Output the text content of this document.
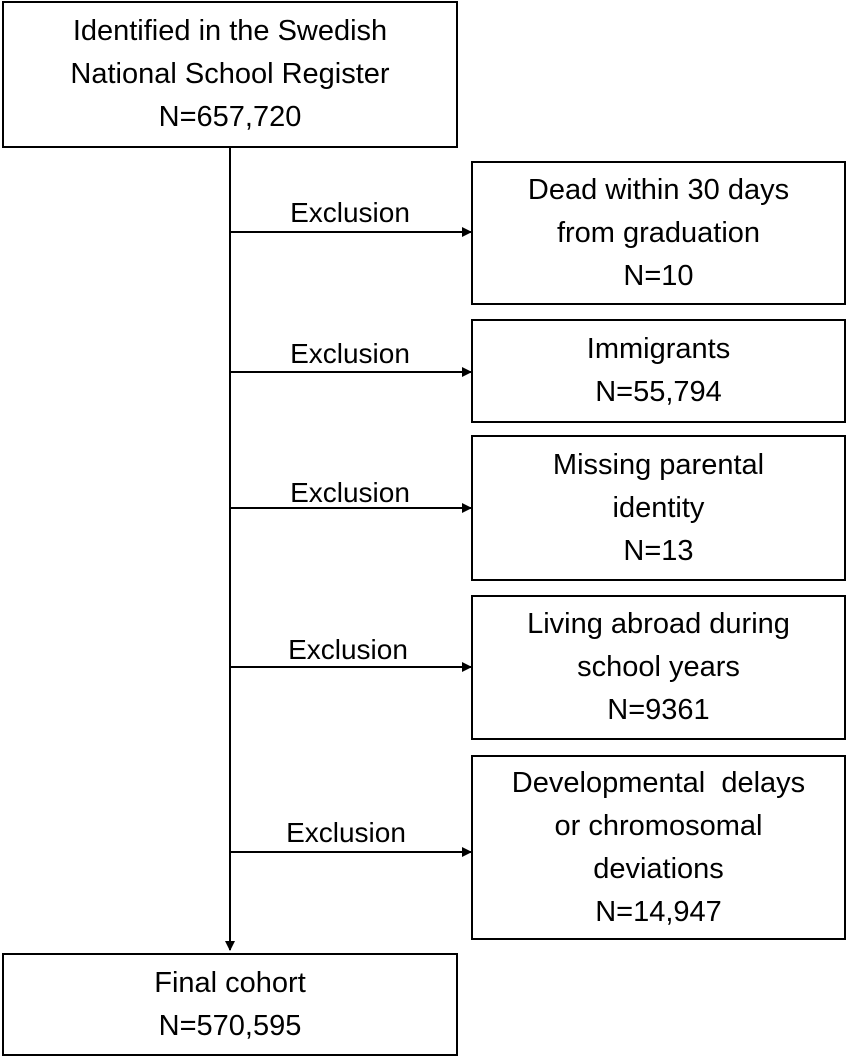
Identified in the Swedish
National School Register
N=657,720
Exclusion
Exclusion
Exclusion
Exclusion
Exclusion
Dead within 30 days
from graduation
N=10
Immigrants
N=55,794
Missing parental
identity
N=13
Living abroad during
school years
N=9361
Developmental  delays
or chromosomal
deviations
N=14,947
Final cohort
N=570,595
